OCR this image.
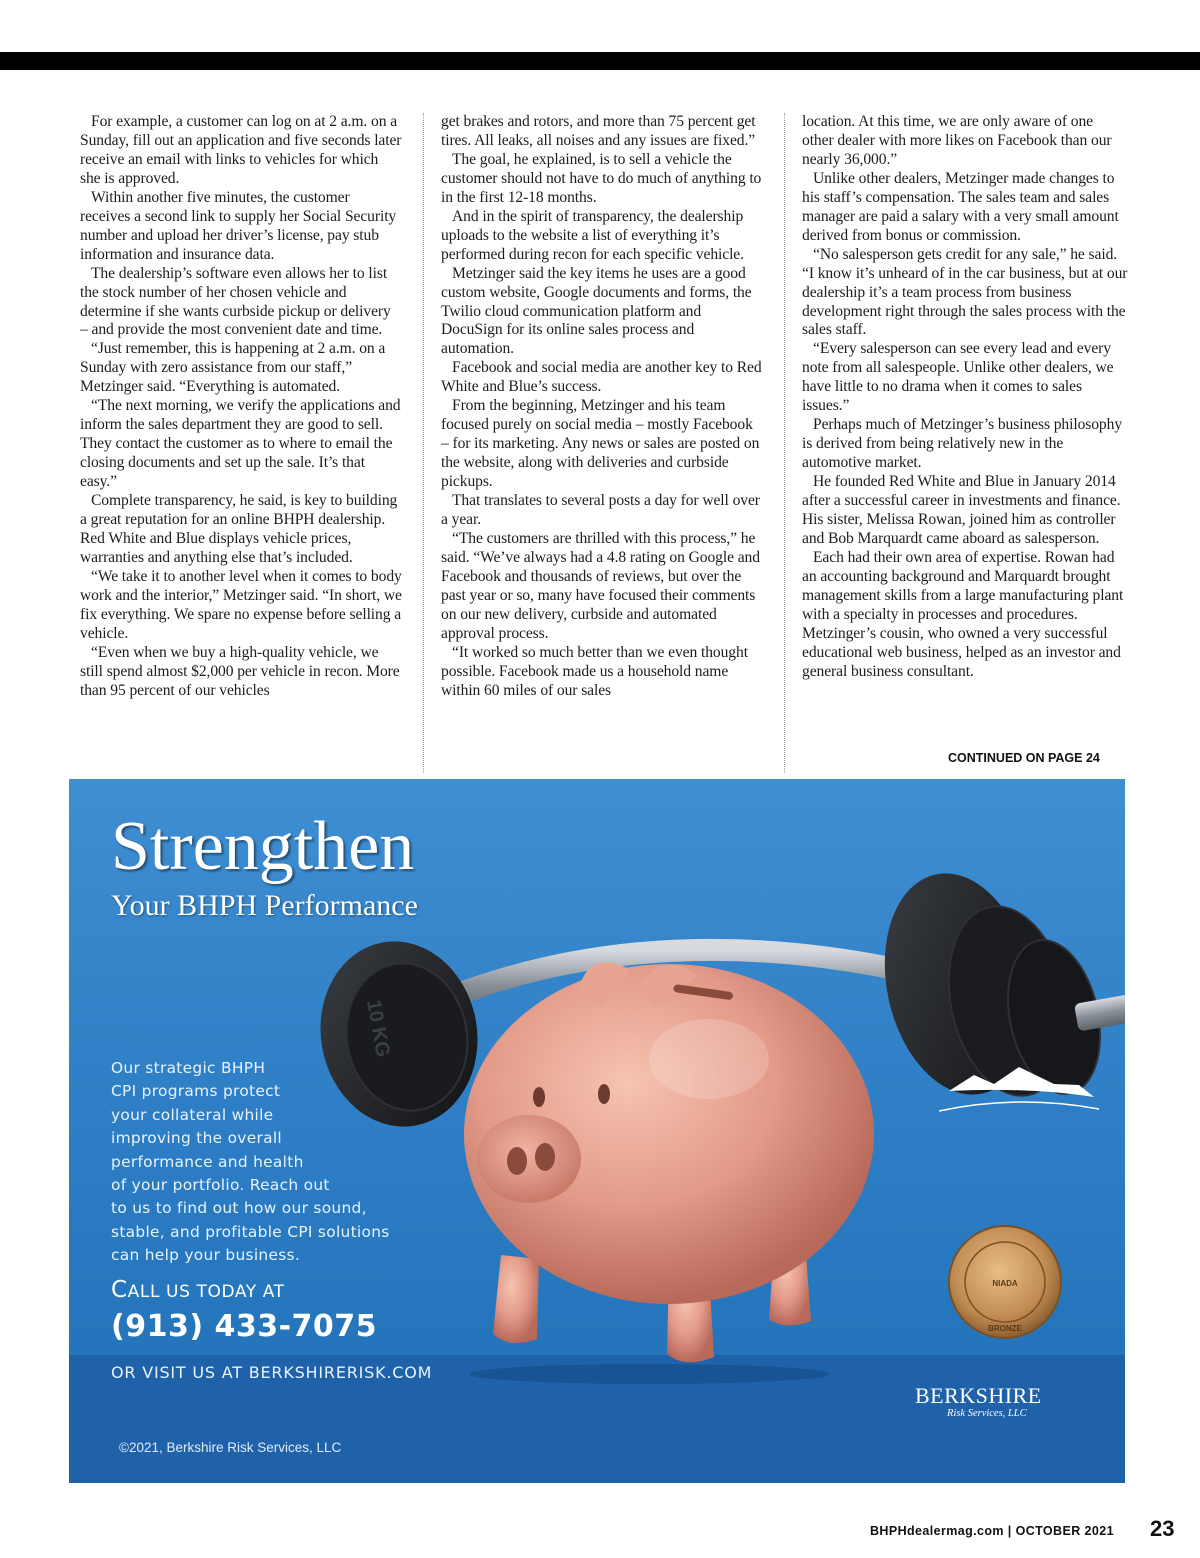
For example, a customer can log on at 2 a.m. on a Sunday, fill out an application and five seconds later receive an email with links to vehicles for which she is approved.

Within another five minutes, the customer receives a second link to supply her Social Security number and upload her driver’s license, pay stub information and insurance data.

The dealership’s software even allows her to list the stock number of her chosen vehicle and determine if she wants curbside pickup or delivery – and provide the most convenient date and time.

“Just remember, this is happening at 2 a.m. on a Sunday with zero assistance from our staff,” Metzinger said. “Everything is automated.

“The next morning, we verify the applications and inform the sales department they are good to sell. They contact the customer as to where to email the closing documents and set up the sale. It’s that easy.”

Complete transparency, he said, is key to building a great reputation for an online BHPH dealership. Red White and Blue displays vehicle prices, warranties and anything else that’s included.

“We take it to another level when it comes to body work and the interior,” Metzinger said. “In short, we fix everything. We spare no expense before selling a vehicle.

“Even when we buy a high-quality vehicle, we still spend almost $2,000 per vehicle in recon. More than 95 percent of our vehicles

get brakes and rotors, and more than 75 percent get tires. All leaks, all noises and any issues are fixed.”

The goal, he explained, is to sell a vehicle the customer should not have to do much of anything to in the first 12-18 months.

And in the spirit of transparency, the dealership uploads to the website a list of everything it’s performed during recon for each specific vehicle.

Metzinger said the key items he uses are a good custom website, Google documents and forms, the Twilio cloud communication platform and DocuSign for its online sales process and automation.

Facebook and social media are another key to Red White and Blue’s success.

From the beginning, Metzinger and his team focused purely on social media – mostly Facebook – for its marketing. Any news or sales are posted on the website, along with deliveries and curbside pickups.

That translates to several posts a day for well over a year.

“The customers are thrilled with this process,” he said. “We’ve always had a 4.8 rating on Google and Facebook and thousands of reviews, but over the past year or so, many have focused their comments on our new delivery, curbside and automated approval process.

“It worked so much better than we even thought possible. Facebook made us a household name within 60 miles of our sales

location. At this time, we are only aware of one other dealer with more likes on Facebook than our nearly 36,000.”

Unlike other dealers, Metzinger made changes to his staff’s compensation. The sales team and sales manager are paid a salary with a very small amount derived from bonus or commission.

“No salesperson gets credit for any sale,” he said. “I know it’s unheard of in the car business, but at our dealership it’s a team process from business development right through the sales process with the sales staff.

“Every salesperson can see every lead and every note from all salespeople. Unlike other dealers, we have little to no drama when it comes to sales issues.”

Perhaps much of Metzinger’s business philosophy is derived from being relatively new in the automotive market.

He founded Red White and Blue in January 2014 after a successful career in investments and finance. His sister, Melissa Rowan, joined him as controller and Bob Marquardt came aboard as salesperson.

Each had their own area of expertise. Rowan had an accounting background and Marquardt brought management skills from a large manufacturing plant with a specialty in processes and procedures. Metzinger’s cousin, who owned a very successful educational web business, helped as an investor and general business consultant.

CONTINUED ON PAGE 24
10 KG
NIADA
BRONZE
Strengthen
Your BHPH Performance
Our strategic BHPH
CPI programs protect
your collateral while
improving the overall
performance and health
of your portfolio. Reach out
to us to find out how our sound,
stable, and profitable CPI solutions
can help your business.
CALL US TODAY AT
(913) 433-7075
OR VISIT US AT BERKSHIRERISK.COM
©2021, Berkshire Risk Services, LLC
BERKSHIRE
Risk Services, LLC
BHPHdealermag.com | OCTOBER 2021 23
